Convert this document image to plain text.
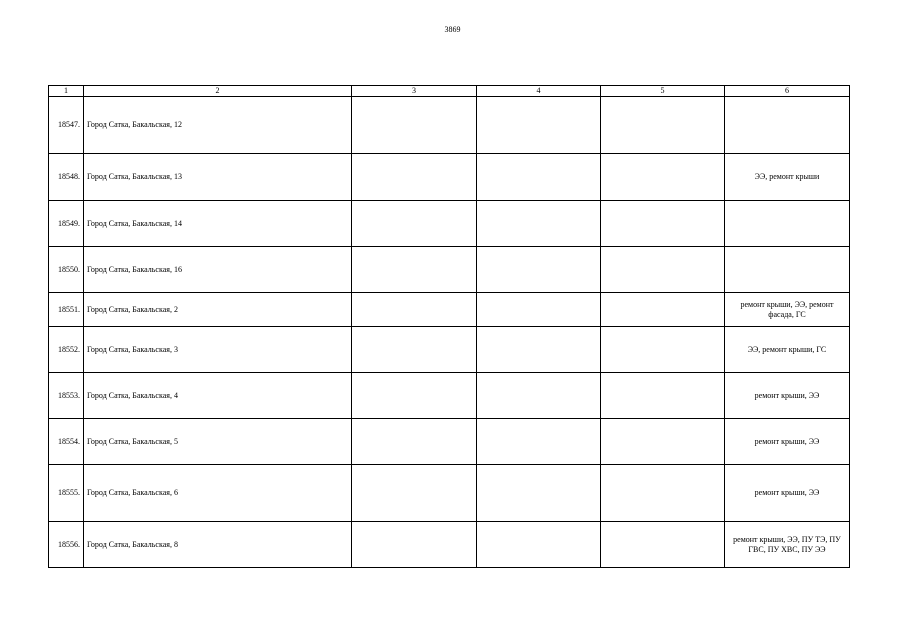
3869
1	2	3	4	5	6
18547.	Город Сатка, Бакальская, 12				
18548.	Город Сатка, Бакальская, 13				ЭЭ, ремонт крыши
18549.	Город Сатка, Бакальская, 14				
18550.	Город Сатка, Бакальская, 16				
18551.	Город Сатка, Бакальская, 2				ремонт крыши, ЭЭ, ремонт фасада, ГС
18552.	Город Сатка, Бакальская, 3				ЭЭ, ремонт крыши, ГС
18553.	Город Сатка, Бакальская, 4				ремонт крыши, ЭЭ
18554.	Город Сатка, Бакальская, 5				ремонт крыши, ЭЭ
18555.	Город Сатка, Бакальская, 6				ремонт крыши, ЭЭ
18556.	Город Сатка, Бакальская, 8				ремонт крыши, ЭЭ, ПУ ТЭ, ПУ ГВС, ПУ ХВС, ПУ ЭЭ
